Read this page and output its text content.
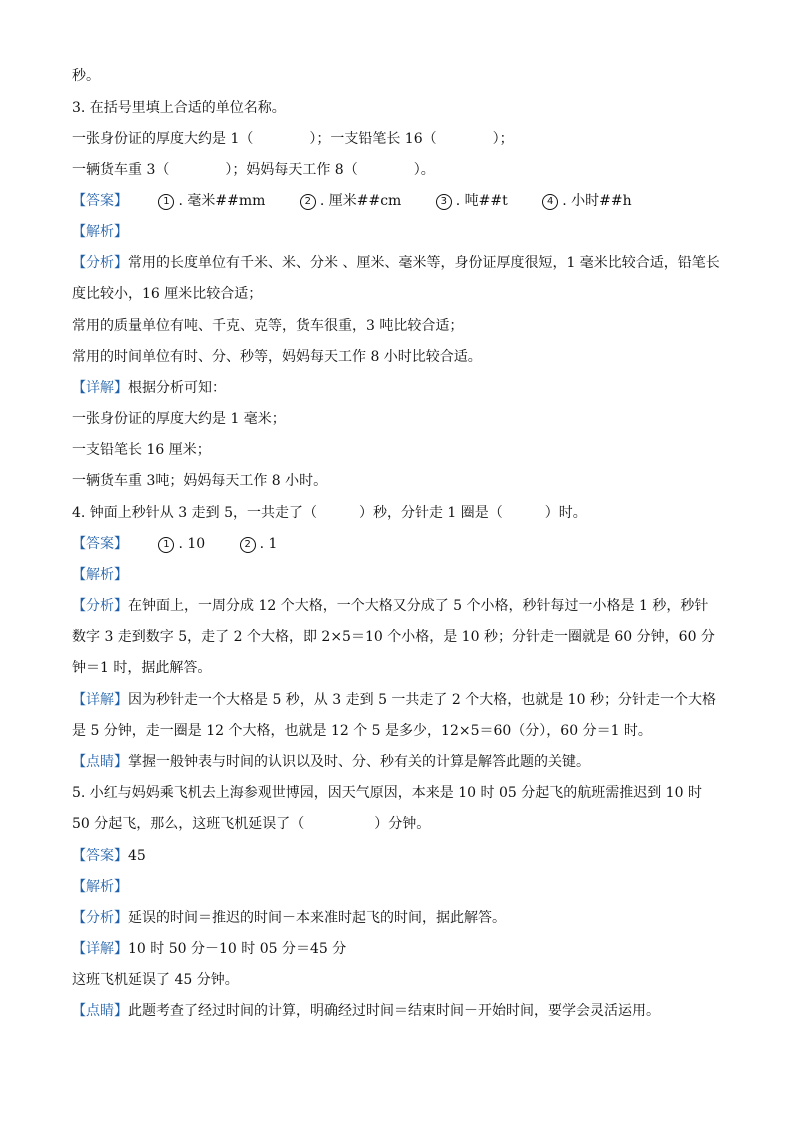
秒。
3. 在括号里填上合适的单位名称。
一张身份证的厚度大约是 1（　　　　）；一支铅笔长 16（　　　　）；
一辆货车重 3（　　　　）；妈妈每天工作 8（　　　　）。
【答案】	1 . 毫米##mm	2 . 厘米##cm	3 . 吨##t	4 . 小时##h
【解析】
【分析】常用的长度单位有千米、米、分米 、厘米、毫米等，身份证厚度很短，1 毫米比较合适，铅笔长度比较小，16 厘米比较合适；
常用的质量单位有吨、千克、克等，货车很重，3 吨比较合适；
常用的时间单位有时、分、秒等，妈妈每天工作 8 小时比较合适。
【详解】根据分析可知：
一张身份证的厚度大约是 1 毫米；
一支铅笔长 16 厘米；
一辆货车重 3吨；妈妈每天工作 8 小时。
4. 钟面上秒针从 3 走到 5，一共走了（　　　）秒，分针走 1 圈是（　　　）时。
【答案】	1 . 10	2 . 1
【解析】
【分析】在钟面上，一周分成 12 个大格，一个大格又分成了 5 个小格，秒针每过一小格是 1 秒，秒针数字 3 走到数字 5，走了 2 个大格，即 2×5＝10 个小格，是 10 秒；分针走一圈就是 60 分钟，60 分钟＝1 时，据此解答。
【详解】因为秒针走一个大格是 5 秒，从 3 走到 5 一共走了 2 个大格，也就是 10 秒；分针走一个大格是 5 分钟，走一圈是 12 个大格，也就是 12 个 5 是多少，12×5＝60（分），60 分＝1 时。
【点睛】掌握一般钟表与时间的认识以及时、分、秒有关的计算是解答此题的关键。
5. 小红与妈妈乘飞机去上海参观世博园，因天气原因，本来是 10 时 05 分起飞的航班需推迟到 10 时 50 分起飞，那么，这班飞机延误了（　　　　　）分钟。
【答案】45
【解析】
【分析】延误的时间＝推迟的时间－本来准时起飞的时间，据此解答。
【详解】10 时 50 分－10 时 05 分＝45 分
这班飞机延误了 45 分钟。
【点睛】此题考查了经过时间的计算，明确经过时间＝结束时间－开始时间，要学会灵活运用。
